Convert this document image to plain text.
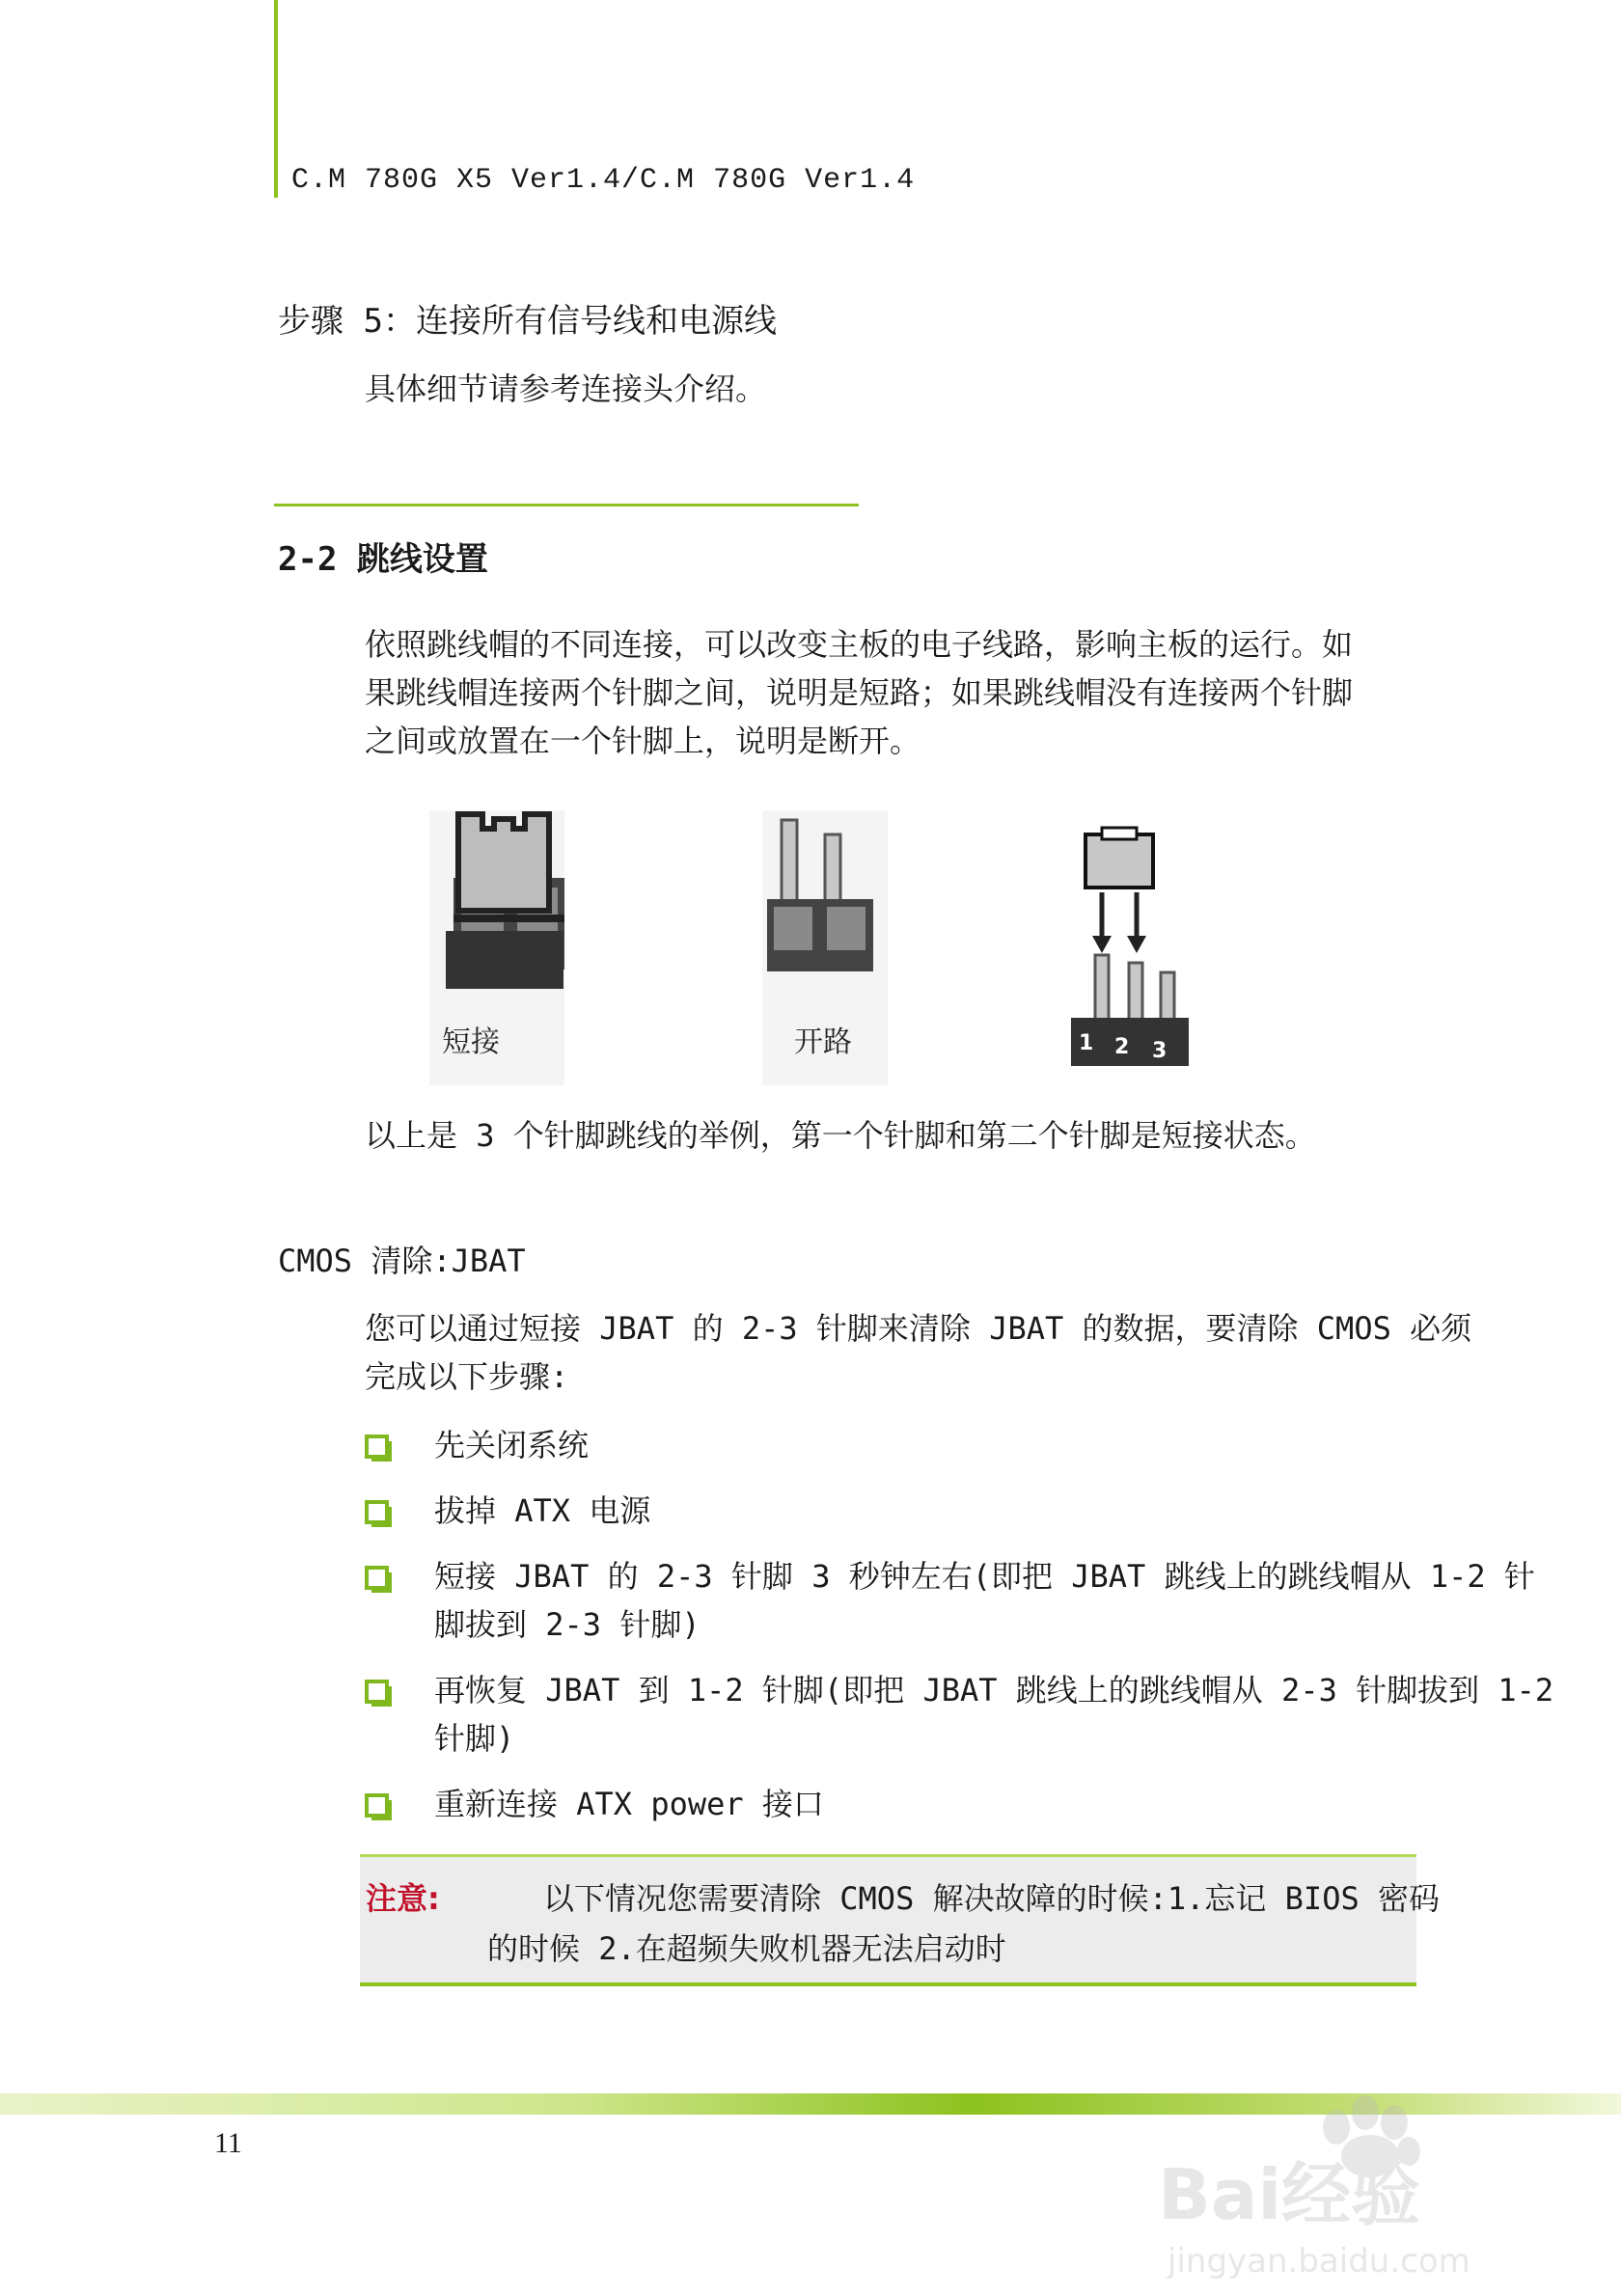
C.M 780G X5 Ver1.4/C.M 780G Ver1.4
步骤 5：连接所有信号线和电源线
具体细节请参考连接头介绍。
2-2 跳线设置
依照跳线帽的不同连接，可以改变主板的电子线路，影响主板的运行。如
果跳线帽连接两个针脚之间，说明是短路；如果跳线帽没有连接两个针脚
之间或放置在一个针脚上，说明是断开。
短接	开路	1 2 3
以上是 3 个针脚跳线的举例，第一个针脚和第二个针脚是短接状态。
CMOS 清除:JBAT
您可以通过短接 JBAT 的 2-3 针脚来清除 JBAT 的数据，要清除 CMOS 必须
完成以下步骤:
先关闭系统
拔掉 ATX 电源
短接 JBAT 的 2-3 针脚 3 秒钟左右(即把 JBAT 跳线上的跳线帽从 1-2 针
脚拔到 2-3 针脚)
再恢复 JBAT 到 1-2 针脚(即把 JBAT 跳线上的跳线帽从 2-3 针脚拔到 1-2
针脚)
重新连接 ATX power 接口
注意:	以下情况您需要清除 CMOS 解决故障的时候:1.忘记 BIOS 密码
的时候 2.在超频失败机器无法启动时
11
Bai经验
jingyan.baidu.com
